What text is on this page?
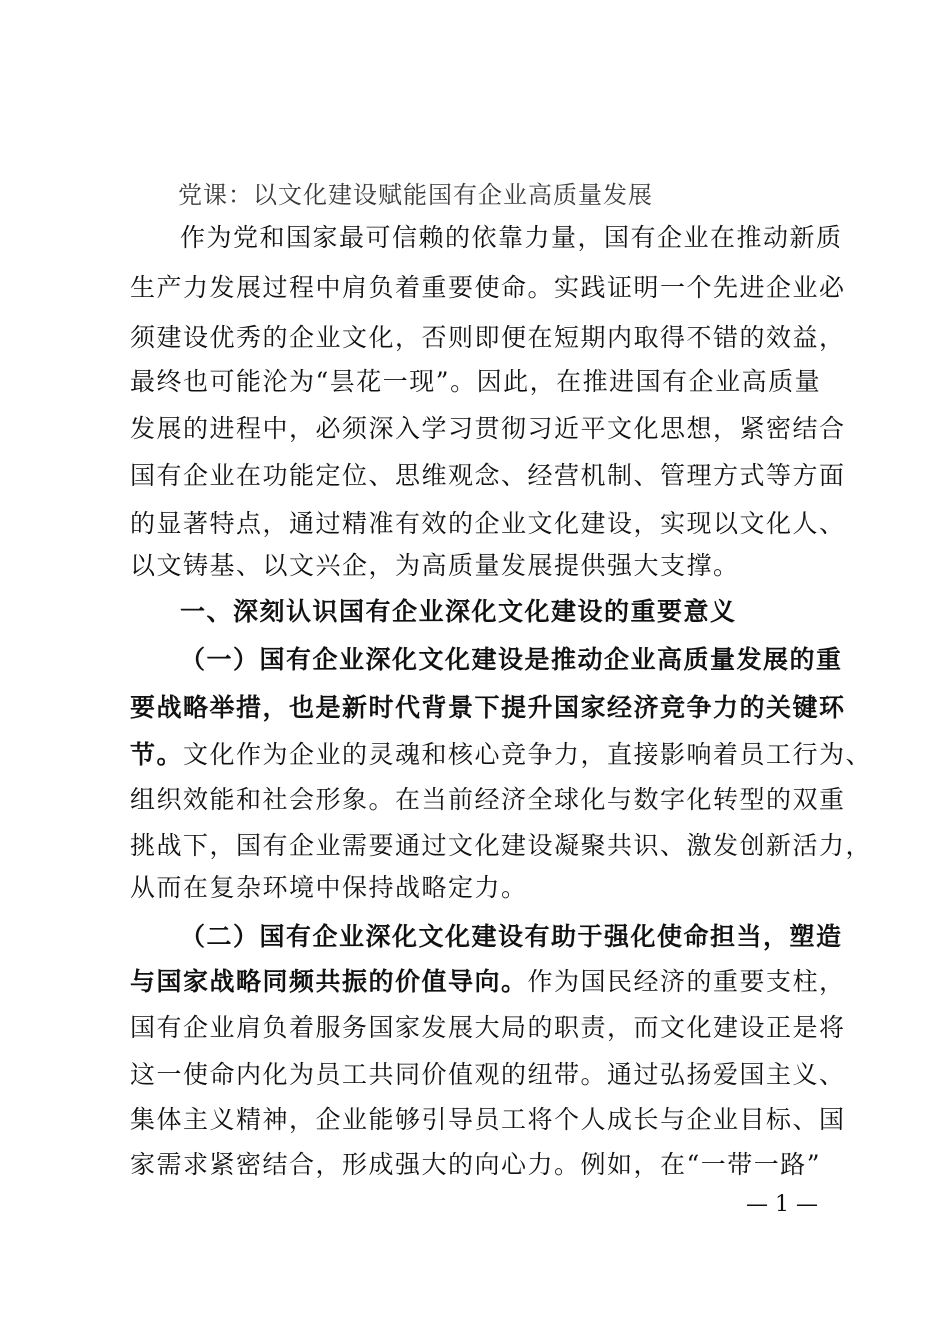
党课：以文化建设赋能国有企业高质量发展
作为党和国家最可信赖的依靠力量，国有企业在推动新质
生产力发展过程中肩负着重要使命。实践证明一个先进企业必
须建设优秀的企业文化，否则即便在短期内取得不错的效益，
最终也可能沦为“昙花一现”。因此，在推进国有企业高质量
发展的进程中，必须深入学习贯彻习近平文化思想，紧密结合
国有企业在功能定位、思维观念、经营机制、管理方式等方面
的显著特点，通过精准有效的企业文化建设，实现以文化人、
以文铸基、以文兴企，为高质量发展提供强大支撑。
一、深刻认识国有企业深化文化建设的重要意义
（一）国有企业深化文化建设是推动企业高质量发展的重
要战略举措，也是新时代背景下提升国家经济竞争力的关键环
节。文化作为企业的灵魂和核心竞争力，直接影响着员工行为、
组织效能和社会形象。在当前经济全球化与数字化转型的双重
挑战下，国有企业需要通过文化建设凝聚共识、激发创新活力，
从而在复杂环境中保持战略定力。
（二）国有企业深化文化建设有助于强化使命担当，塑造
与国家战略同频共振的价值导向。作为国民经济的重要支柱，
国有企业肩负着服务国家发展大局的职责，而文化建设正是将
这一使命内化为员工共同价值观的纽带。通过弘扬爱国主义、
集体主义精神，企业能够引导员工将个人成长与企业目标、国
家需求紧密结合，形成强大的向心力。例如，在“一带一路”
— 1 —
